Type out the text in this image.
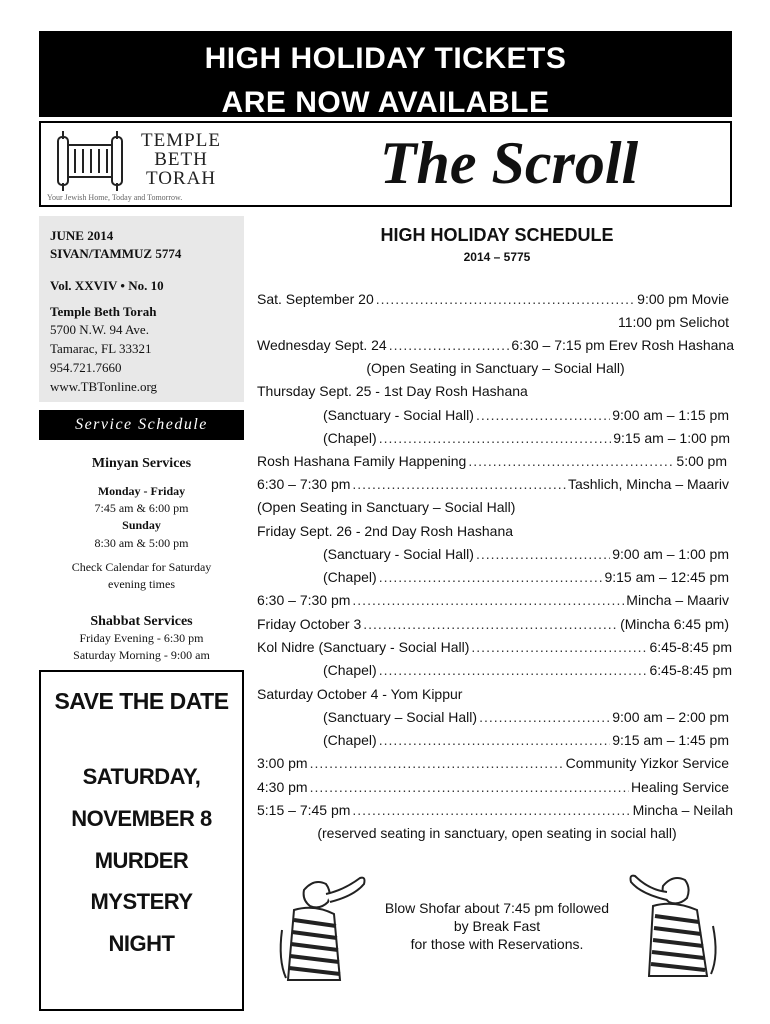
HIGH HOLIDAY TICKETS
ARE NOW AVAILABLE
TEMPLE
BETH
TORAH
Your Jewish Home, Today and Tomorrow.
The Scroll
JUNE 2014
SIVAN/TAMMUZ 5774
Vol. XXVIV • No. 10
Temple Beth Torah
5700 N.W. 94 Ave.
Tamarac, FL 33321
954.721.7660
www.TBTonline.org
Service Schedule
Minyan Services
Monday - Friday
7:45 am & 6:00 pm
Sunday
8:30 am & 5:00 pm
Check Calendar for Saturday
evening times
Shabbat Services
Friday Evening - 6:30 pm
Saturday Morning - 9:00 am
SAVE THE DATE
SATURDAY,
NOVEMBER 8
MURDER
MYSTERY
NIGHT
HIGH HOLIDAY SCHEDULE
2014 – 5775
Sat. September 20 .....	9:00 pm Movie
11:00 pm Selichot
Wednesday Sept. 24 .....	6:30 – 7:15 pm Erev Rosh Hashana
(Open Seating in Sanctuary – Social Hall)
Thursday Sept. 25 - 1st Day Rosh Hashana
(Sanctuary - Social Hall) .....	9:00 am – 1:15 pm
(Chapel) .....	9:15 am – 1:00 pm
Rosh Hashana Family Happening .....	5:00 pm
6:30 – 7:30 pm .....	Tashlich, Mincha – Maariv
(Open Seating in Sanctuary – Social Hall)
Friday Sept. 26 - 2nd Day Rosh Hashana
(Sanctuary - Social Hall) .....	9:00 am – 1:00 pm
(Chapel) .....	9:15 am – 12:45 pm
6:30 – 7:30 pm .....	Mincha – Maariv
Friday October 3 .....	(Mincha 6:45 pm)
Kol Nidre (Sanctuary - Social Hall) .....	6:45-8:45 pm
(Chapel) .....	6:45-8:45 pm
Saturday October 4 - Yom Kippur
(Sanctuary – Social Hall) .....	9:00 am – 2:00 pm
(Chapel) .....	9:15 am – 1:45 pm
3:00 pm .....	Community Yizkor Service
4:30 pm .....	Healing Service
5:15 – 7:45 pm .....	Mincha – Neilah
(reserved seating in sanctuary, open seating in social hall)
Blow Shofar about 7:45 pm followed
by Break Fast
for those with Reservations.
